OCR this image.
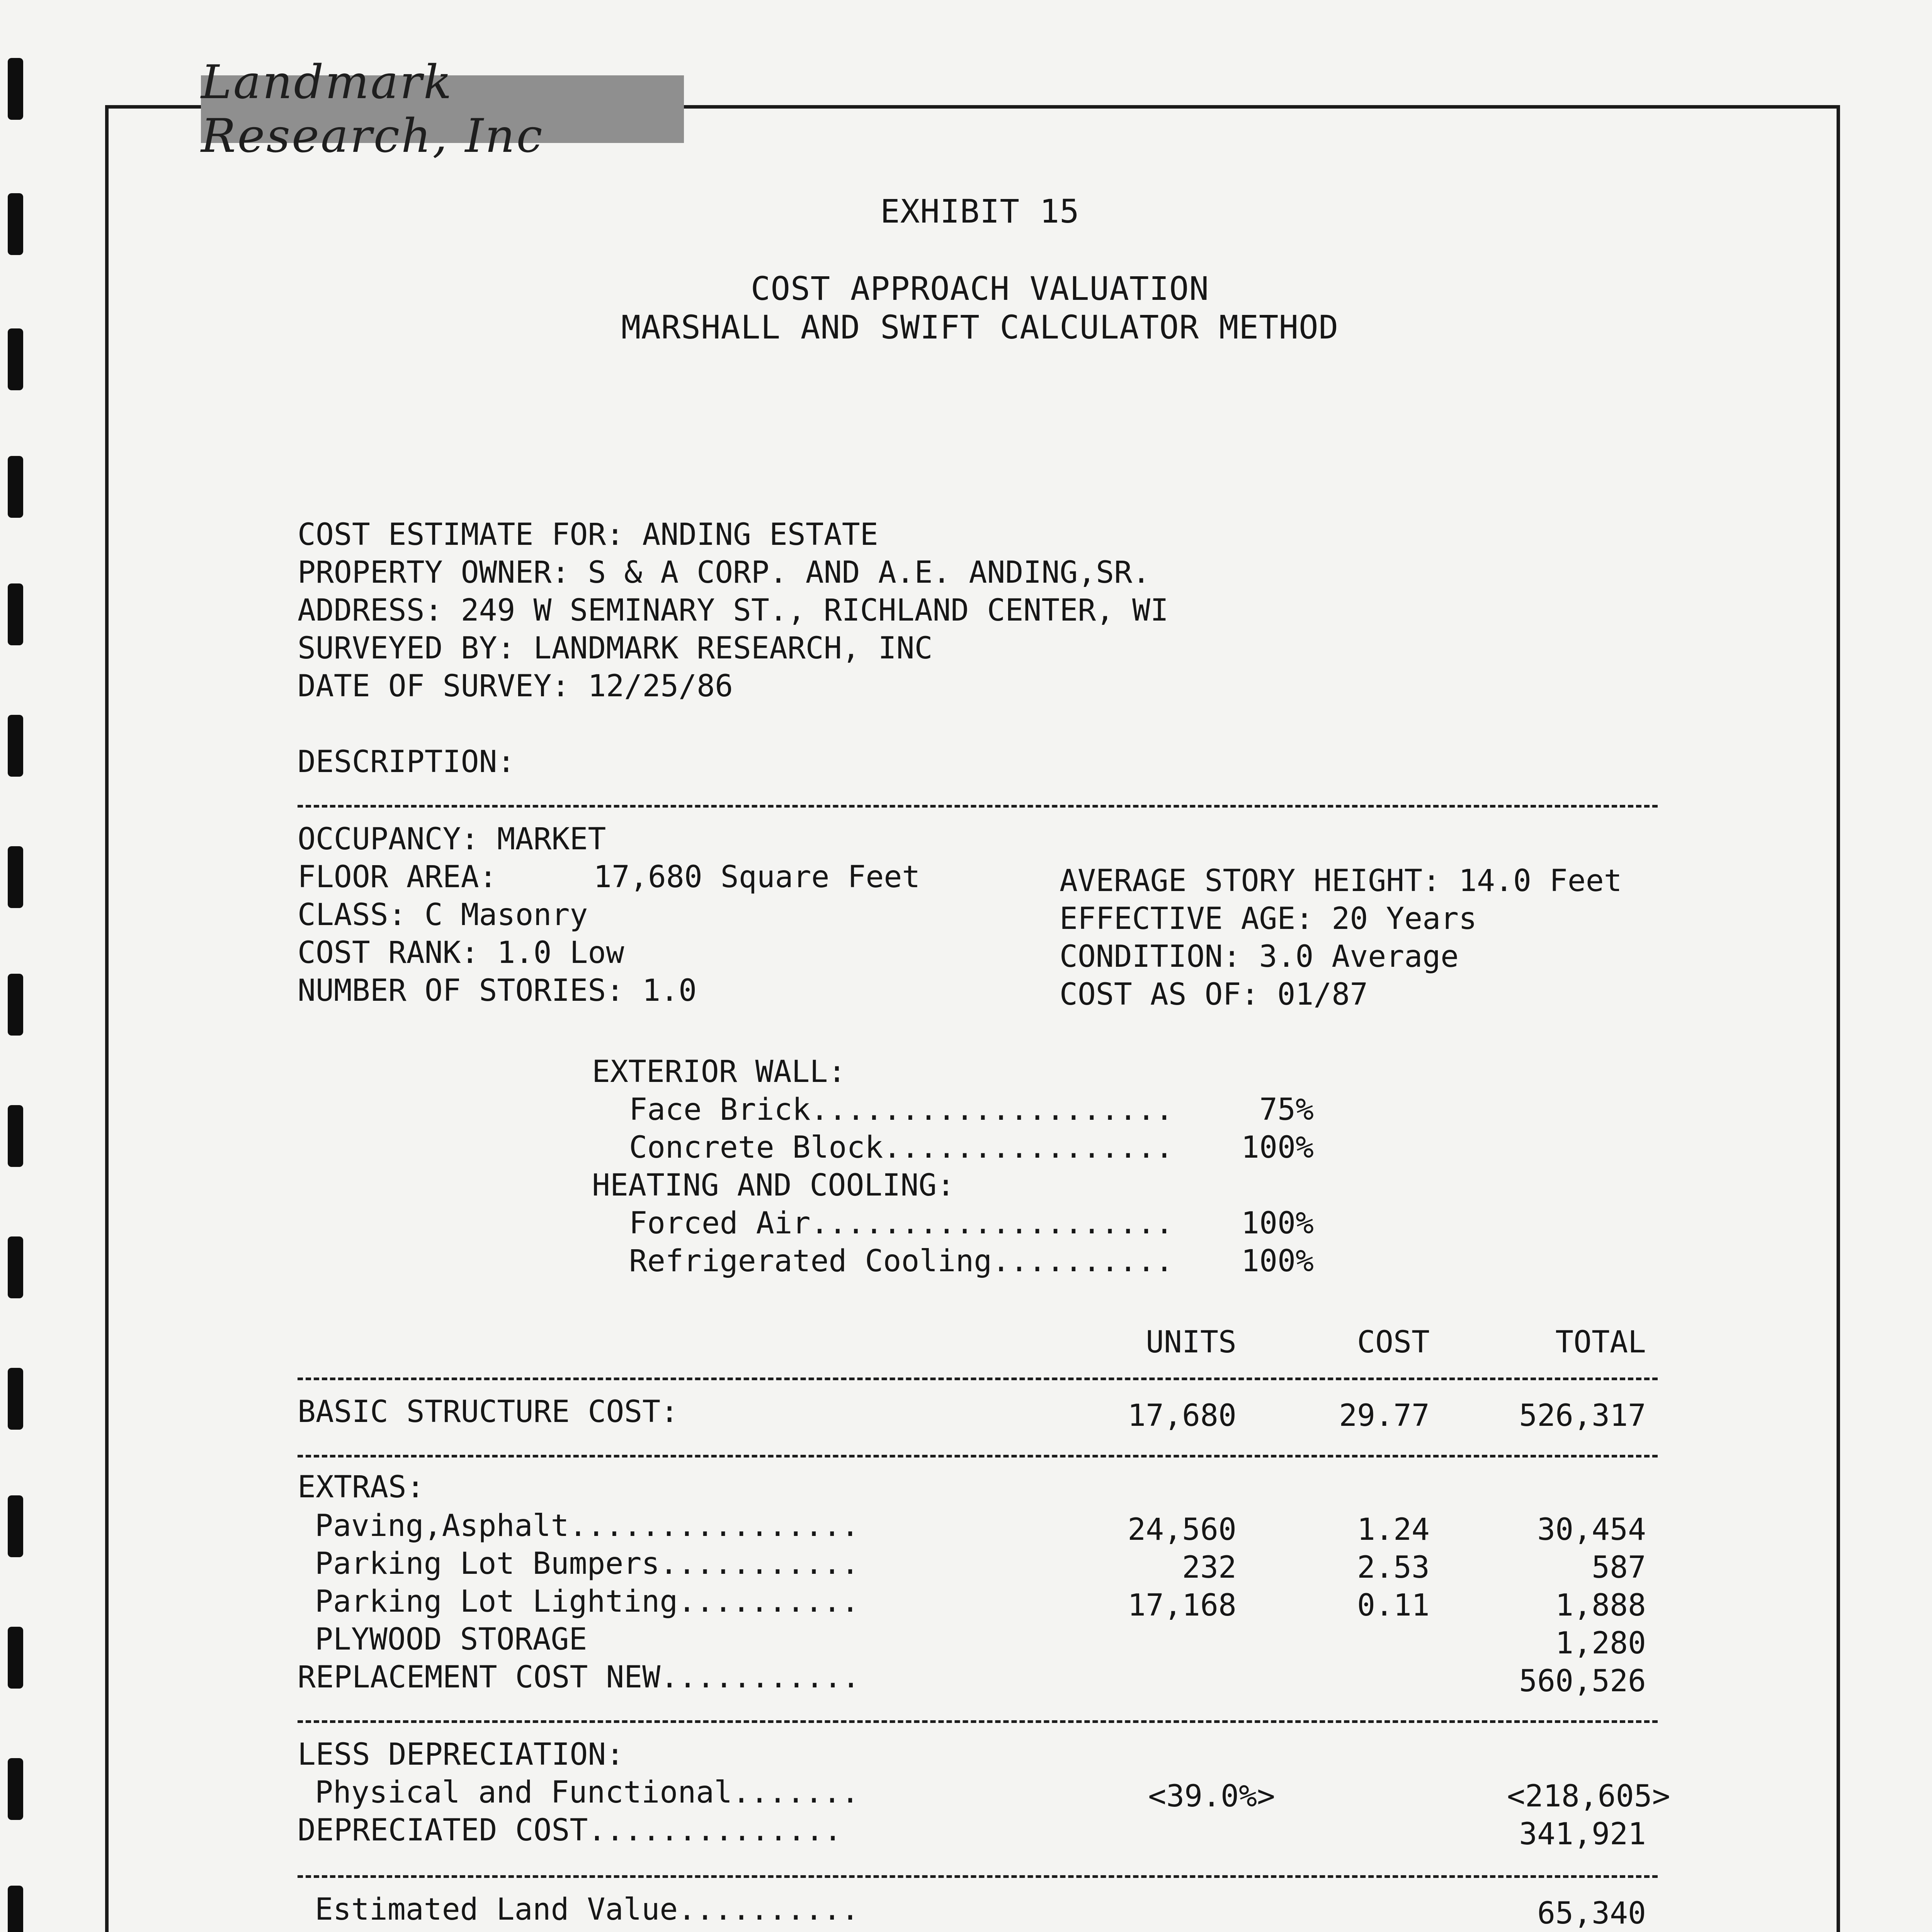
Landmark Research, Inc
EXHIBIT 15
COST APPROACH VALUATION
MARSHALL AND SWIFT CALCULATOR METHOD
COST ESTIMATE FOR: ANDING ESTATE
PROPERTY OWNER: S & A CORP. AND A.E. ANDING,SR.
ADDRESS: 249 W SEMINARY ST., RICHLAND CENTER, WI
SURVEYED BY: LANDMARK RESEARCH, INC
DATE OF SURVEY: 12/25/86
DESCRIPTION:
OCCUPANCY: MARKET
FLOOR AREA:	17,680 Square Feet
CLASS: C Masonry
COST RANK: 1.0 Low
NUMBER OF STORIES: 1.0
AVERAGE STORY HEIGHT: 14.0 Feet
EFFECTIVE AGE: 20 Years
CONDITION: 3.0 Average
COST AS OF: 01/87
EXTERIOR WALL:
Face Brick....................	75%
Concrete Block................	100%
HEATING AND COOLING:
Forced Air....................	100%
Refrigerated Cooling..........	100%
UNITS	COST	TOTAL
BASIC STRUCTURE COST:	17,680	29.77	526,317
EXTRAS:
Paving,Asphalt................	24,560	1.24	30,454
Parking Lot Bumpers...........	232	2.53	587
Parking Lot Lighting..........	17,168	0.11	1,888
PLYWOOD STORAGE	1,280
REPLACEMENT COST NEW...........	560,526
LESS DEPRECIATION:
Physical and Functional.......	<39.0%>	<218,605>
DEPRECIATED COST..............	341,921
Estimated Land Value..........	65,340
